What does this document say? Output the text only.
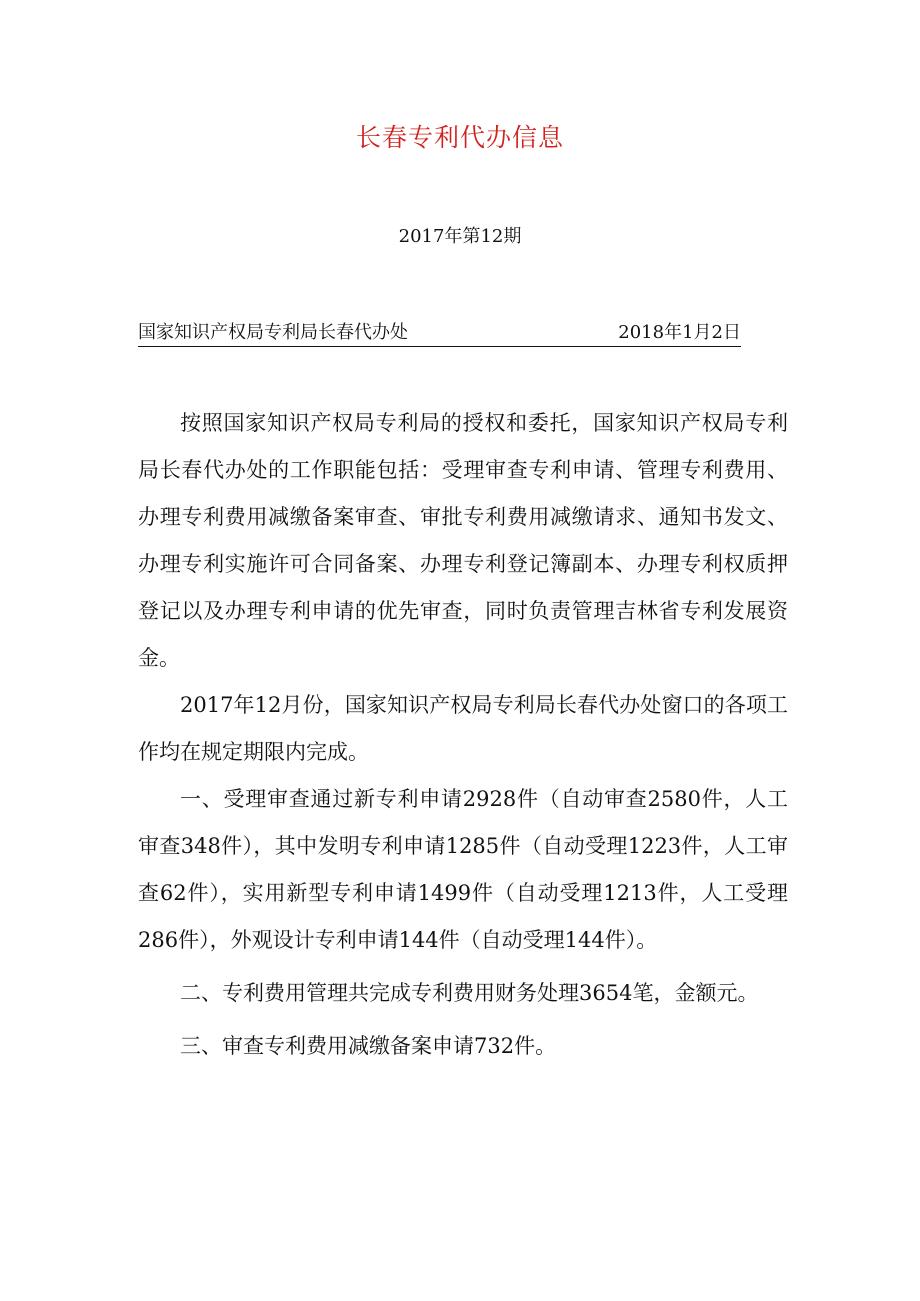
长春专利代办信息
2017年第12期
国家知识产权局专利局长春代办处	2018年1月2日

按照国家知识产权局专利局的授权和委托，国家知识产权局专利局长春代办处的工作职能包括：受理审查专利申请、管理专利费用、办理专利费用减缴备案审查、审批专利费用减缴请求、通知书发文、办理专利实施许可合同备案、办理专利登记簿副本、办理专利权质押登记以及办理专利申请的优先审查，同时负责管理吉林省专利发展资金。

2017年12月份，国家知识产权局专利局长春代办处窗口的各项工作均在规定期限内完成。

一、受理审查通过新专利申请2928件（自动审查2580件，人工审查348件），其中发明专利申请1285件（自动受理1223件，人工审查62件），实用新型专利申请1499件（自动受理1213件，人工受理286件），外观设计专利申请144件（自动受理144件）。

二、专利费用管理共完成专利费用财务处理3654笔，金额元。

三、审查专利费用减缴备案申请732件。
